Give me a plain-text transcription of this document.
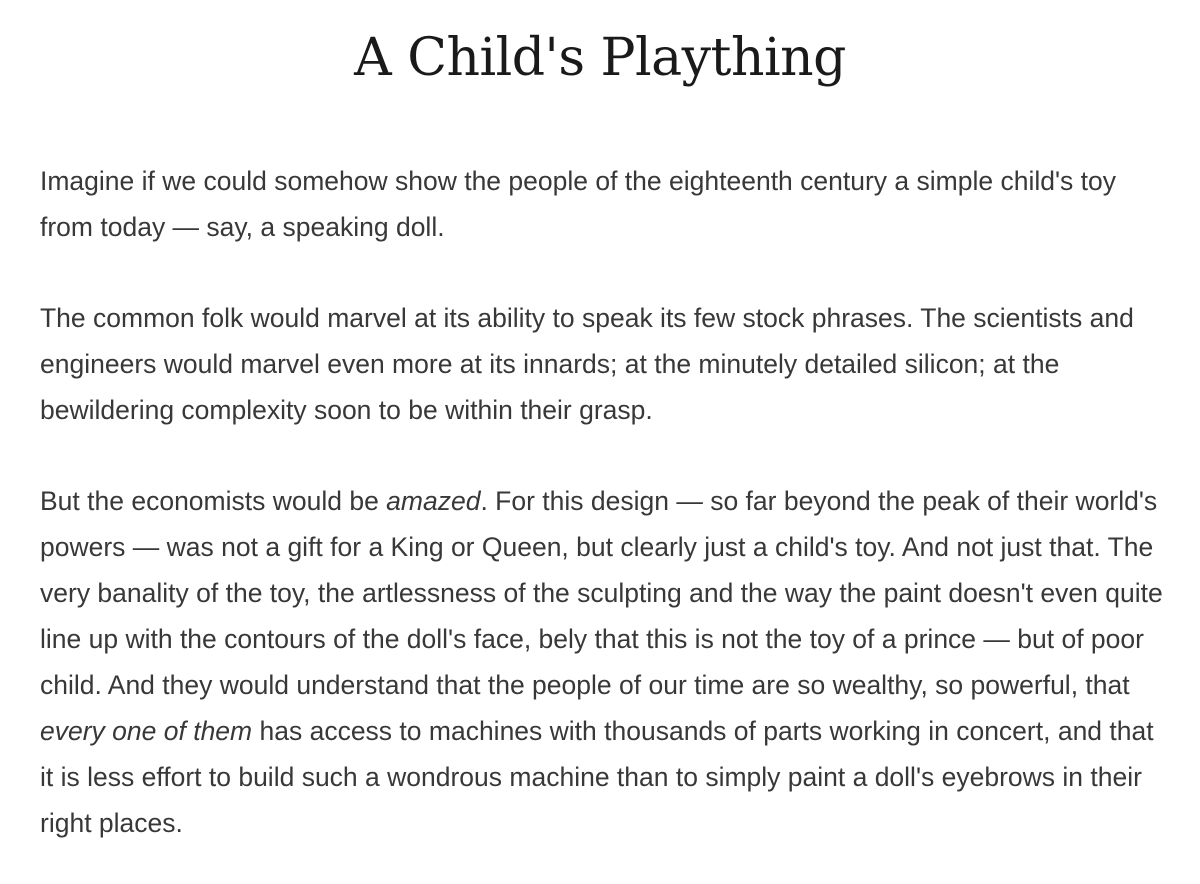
A Child's Plaything

Imagine if we could somehow show the people of the eighteenth century a simple child's toy from today — say, a speaking doll.

The common folk would marvel at its ability to speak its few stock phrases. The scientists and engineers would marvel even more at its innards; at the minutely detailed silicon; at the bewildering complexity soon to be within their grasp.

But the economists would be amazed. For this design — so far beyond the peak of their world's powers — was not a gift for a King or Queen, but clearly just a child's toy. And not just that. The very banality of the toy, the artlessness of the sculpting and the way the paint doesn't even quite line up with the contours of the doll's face, bely that this is not the toy of a prince — but of poor child. And they would understand that the people of our time are so wealthy, so powerful, that every one of them has access to machines with thousands of parts working in concert, and that it is less effort to build such a wondrous machine than to simply paint a doll's eyebrows in their right places.
